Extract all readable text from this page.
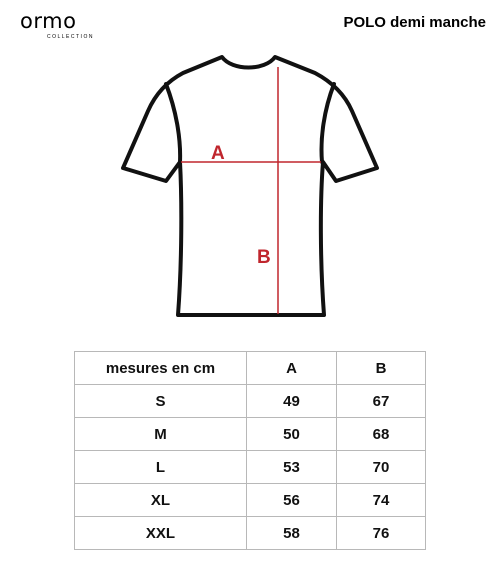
ormo
COLLECTION
POLO demi manche
A
B
mesures en cm	A	B
S	49	67
M	50	68
L	53	70
XL	56	74
XXL	58	76
